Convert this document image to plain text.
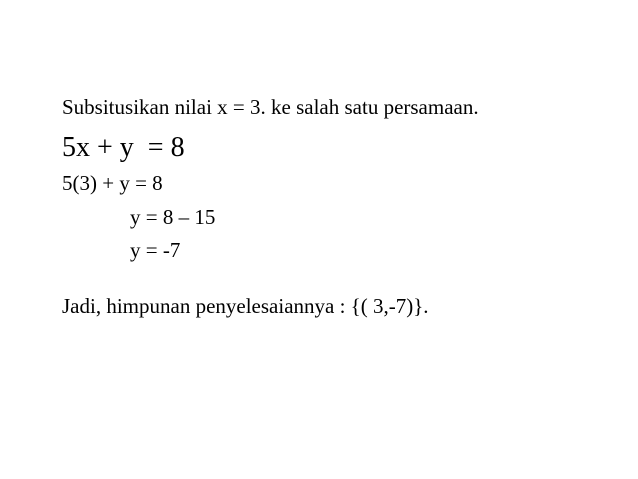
Subsitusikan nilai x = 3. ke salah satu persamaan.
5x + y  = 8
5(3) + y = 8
y = 8 – 15
y = -7
Jadi, himpunan penyelesaiannya : {( 3,-7)}.
